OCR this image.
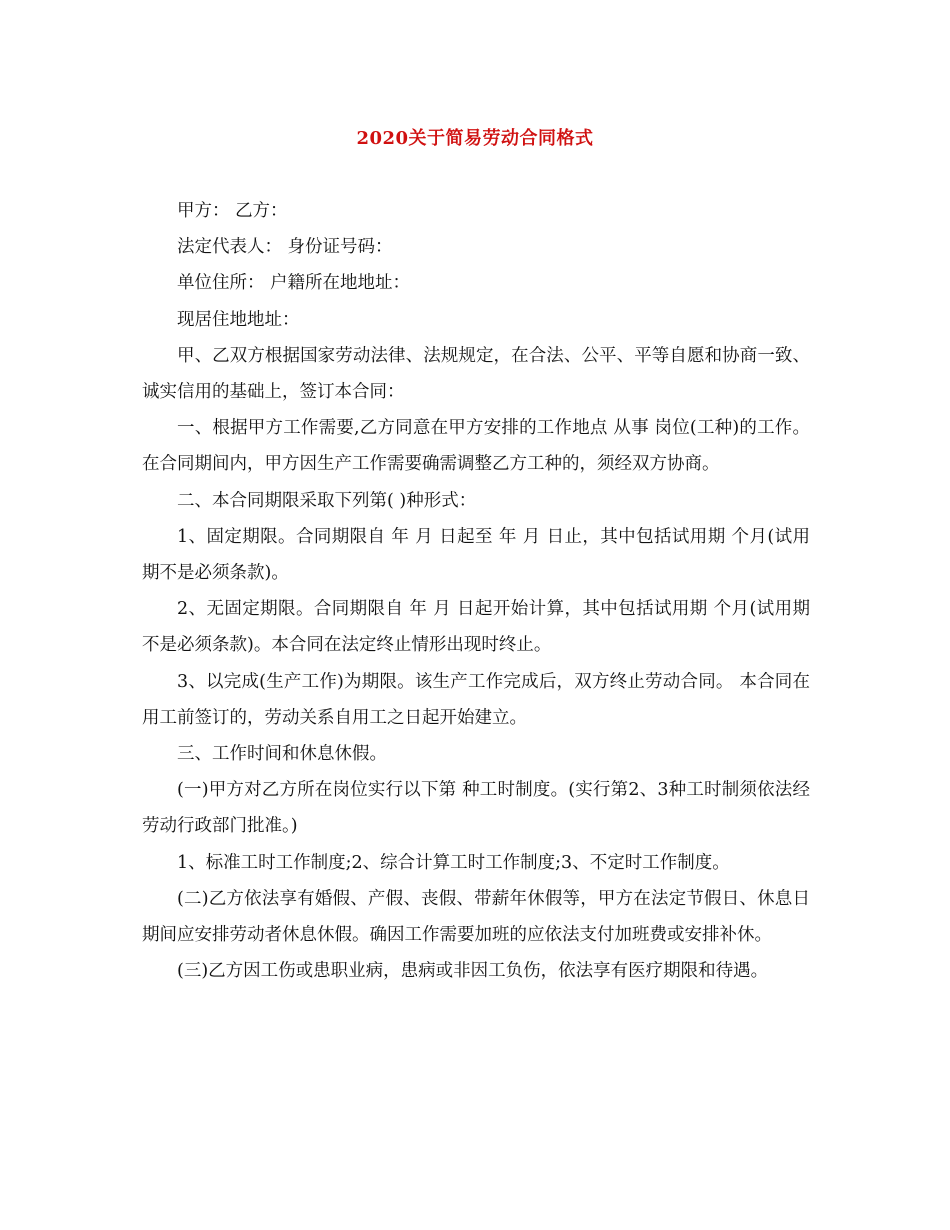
2020关于简易劳动合同格式

甲方： 乙方：

法定代表人： 身份证号码：

单位住所： 户籍所在地地址：

现居住地地址：

甲、乙双方根据国家劳动法律、法规规定，在合法、公平、平等自愿和协商一致、诚实信用的基础上，签订本合同：

一、根据甲方工作需要,乙方同意在甲方安排的工作地点 从事 岗位(工种)的工作。在合同期间内，甲方因生产工作需要确需调整乙方工种的，须经双方协商。

二、本合同期限采取下列第( )种形式：

1、固定期限。合同期限自 年 月 日起至 年 月 日止，其中包括试用期 个月(试用期不是必须条款)。

2、无固定期限。合同期限自 年 月 日起开始计算，其中包括试用期 个月(试用期不是必须条款)。本合同在法定终止情形出现时终止。

3、以完成(生产工作)为期限。该生产工作完成后，双方终止劳动合同。 本合同在用工前签订的，劳动关系自用工之日起开始建立。

三、工作时间和休息休假。

(一)甲方对乙方所在岗位实行以下第 种工时制度。(实行第2、3种工时制须依法经劳动行政部门批准。)

1、标准工时工作制度;2、综合计算工时工作制度;3、不定时工作制度。

(二)乙方依法享有婚假、产假、丧假、带薪年休假等，甲方在法定节假日、休息日期间应安排劳动者休息休假。确因工作需要加班的应依法支付加班费或安排补休。

(三)乙方因工伤或患职业病，患病或非因工负伤，依法享有医疗期限和待遇。
